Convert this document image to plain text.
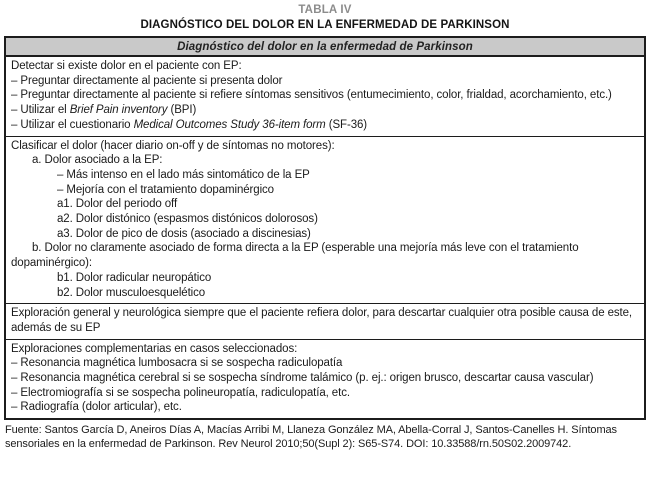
TABLA IV
DIAGNÓSTICO DEL DOLOR EN LA ENFERMEDAD DE PARKINSON
Diagnóstico del dolor en la enfermedad de Parkinson
Detectar si existe dolor en el paciente con EP:
– Preguntar directamente al paciente si presenta dolor
– Preguntar directamente al paciente si refiere síntomas sensitivos (entumecimiento, color, frialdad, acorchamiento, etc.)
– Utilizar el Brief Pain inventory (BPI)
– Utilizar el cuestionario Medical Outcomes Study 36-item form (SF-36)
Clasificar el dolor (hacer diario on-off y de síntomas no motores):
a. Dolor asociado a la EP:
– Más intenso en el lado más sintomático de la EP
– Mejoría con el tratamiento dopaminérgico
a1. Dolor del periodo off
a2. Dolor distónico (espasmos distónicos dolorosos)
a3. Dolor de pico de dosis (asociado a discinesias)
b. Dolor no claramente asociado de forma directa a la EP (esperable una mejoría más leve con el tratamiento dopaminérgico):
b1. Dolor radicular neuropático
b2. Dolor musculoesquelético
Exploración general y neurológica siempre que el paciente refiera dolor, para descartar cualquier otra posible causa de este, además de su EP
Exploraciones complementarias en casos seleccionados:
– Resonancia magnética lumbosacra si se sospecha radiculopatía
– Resonancia magnética cerebral si se sospecha síndrome talámico (p. ej.: origen brusco, descartar causa vascular)
– Electromiografía si se sospecha polineuropatía, radiculopatía, etc.
– Radiografía (dolor articular), etc.
Fuente: Santos García D, Aneiros Días A, Macías Arribi M, Llaneza González MA, Abella-Corral J, Santos-Canelles H. Síntomas sensoriales en la enfermedad de Parkinson. Rev Neurol 2010;50(Supl 2): S65-S74. DOI: 10.33588/rn.50S02.2009742.
